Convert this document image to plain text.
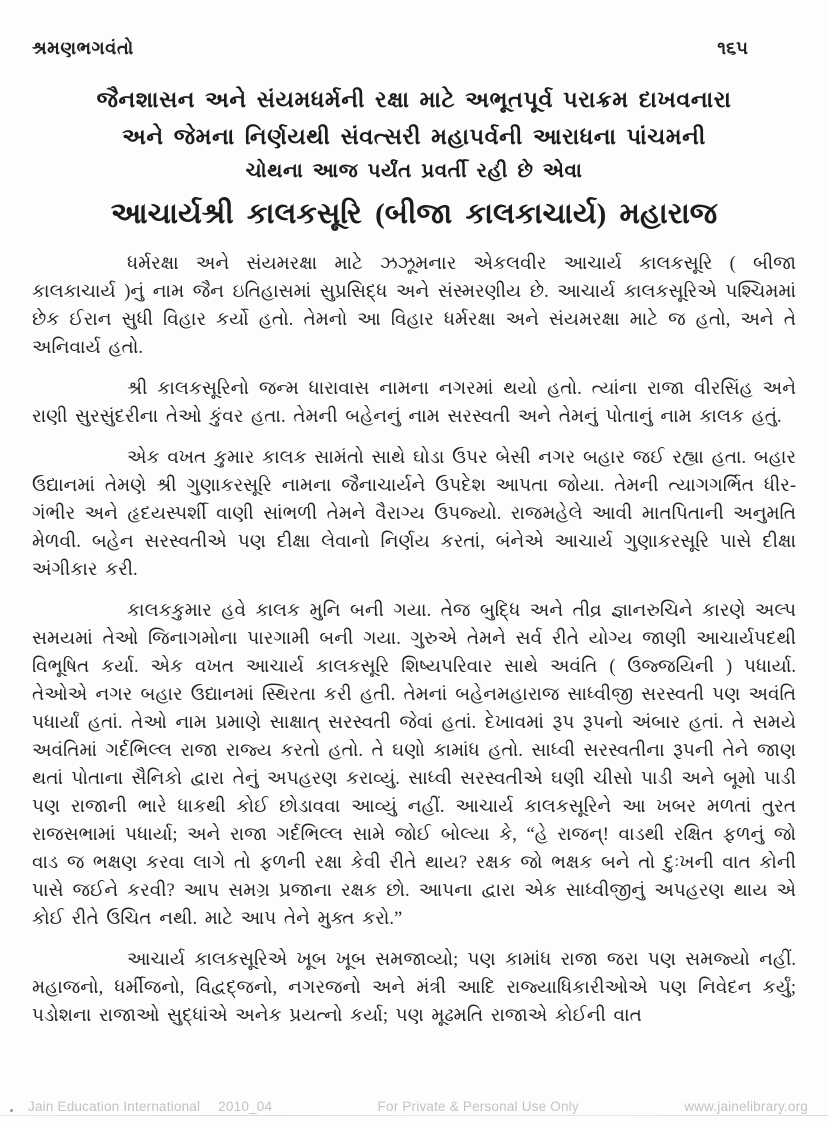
શ્રમણભગવંતો	૧૬૫
જૈનશાસન અને સંયમધર્મની રક્ષા માટે અભૂતપૂર્વ પરાક્રમ દાખવનારા
અને જેમના નિર્ણયથી સંવત્સરી મહાપર્વની આરાધના પાંચમની
ચોથના આજ પર્યંત પ્રવર્તી રહી છે એવા
આચાર્યશ્રી કાલકસૂરિ (બીજા કાલકાચાર્ય) મહારાજ

ધર્મરક્ષા અને સંયમરક્ષા માટે ઝઝૂમનાર એકલવીર આચાર્ય કાલકસૂરિ ( બીજા કાલકાચાર્ય )નું નામ જૈન ઇતિહાસમાં સુપ્રસિદ્ધ અને સંસ્મરણીય છે. આચાર્ય કાલકસૂરિએ પશ્ચિમમાં છેક ઈરાન સુધી વિહાર કર્યો હતો. તેમનો આ વિહાર ધર્મરક્ષા અને સંયમરક્ષા માટે જ હતો, અને તે અનિવાર્ય હતો.

શ્રી કાલકસૂરિનો જન્મ ધારાવાસ નામના નગરમાં થયો હતો. ત્યાંના રાજા વીરસિંહ અને રાણી સુરસુંદરીના તેઓ કુંવર હતા. તેમની બહેનનું નામ સરસ્વતી અને તેમનું પોતાનું નામ કાલક હતું.

એક વખત કુમાર કાલક સામંતો સાથે ઘોડા ઉપર બેસી નગર બહાર જઈ રહ્યા હતા. બહાર ઉદ્યાનમાં તેમણે શ્રી ગુણાકરસૂરિ નામના જૈનાચાર્યને ઉપદેશ આપતા જોયા. તેમની ત્યાગગર્ભિત ધીર-ગંભીર અને હૃદયસ્પર્શી વાણી સાંભળી તેમને વૈરાગ્ય ઉપજ્યો. રાજમહેલે આવી માતપિતાની અનુમતિ મેળવી. બહેન સરસ્વતીએ પણ દીક્ષા લેવાનો નિર્ણય કરતાં, બંનેએ આચાર્ય ગુણાકરસૂરિ પાસે દીક્ષા અંગીકાર કરી.

કાલકકુમાર હવે કાલક મુનિ બની ગયા. તેજ બુદ્ધિ અને તીવ્ર જ્ઞાનરુચિને કારણે અલ્પ સમયમાં તેઓ જિનાગમોના પારગામી બની ગયા. ગુરુએ તેમને સર્વ રીતે યોગ્ય જાણી આચાર્યપદથી વિભૂષિત કર્યા. એક વખત આચાર્ય કાલકસૂરિ શિષ્યપરિવાર સાથે અવંતિ ( ઉજ્જયિની ) પધાર્યા. તેઓએ નગર બહાર ઉદ્યાનમાં સ્થિરતા કરી હતી. તેમનાં બહેનમહારાજ સાધ્વીજી સરસ્વતી પણ અવંતિ પધાર્યાં હતાં. તેઓ નામ પ્રમાણે સાક્ષાત્ સરસ્વતી જેવાં હતાં. દેખાવમાં રૂપ રૂપનો અંબાર હતાં. તે સમયે અવંતિમાં ગર્દભિલ્લ રાજા રાજ્ય કરતો હતો. તે ઘણો કામાંધ હતો. સાધ્વી સરસ્વતીના રૂપની તેને જાણ થતાં પોતાના સૈનિકો દ્વારા તેનું અપહરણ કરાવ્યું. સાધ્વી સરસ્વતીએ ઘણી ચીસો પાડી અને બૂમો પાડી પણ રાજાની ભારે ધાકથી કોઈ છોડાવવા આવ્યું નહીં. આચાર્ય કાલકસૂરિને આ ખબર મળતાં તુરત રાજસભામાં પધાર્યા; અને રાજા ગર્દભિલ્લ સામે જોઈ બોલ્યા કે, “હે રાજન્! વાડથી રક્ષિત ફળનું જો વાડ જ ભક્ષણ કરવા લાગે તો ફળની રક્ષા કેવી રીતે થાય? રક્ષક જો ભક્ષક બને તો દુઃખની વાત કોની પાસે જઈને કરવી? આપ સમગ્ર પ્રજાના રક્ષક છો. આપના દ્વારા એક સાધ્વીજીનું અપહરણ થાય એ કોઈ રીતે ઉચિત નથી. માટે આપ તેને મુક્ત કરો.”

આચાર્ય કાલકસૂરિએ ખૂબ ખૂબ સમજાવ્યો; પણ કામાંધ રાજા જરા પણ સમજ્યો નહીં. મહાજનો, ધર્મીજનો, વિદ્વદ્જનો, નગરજનો અને મંત્રી આદિ રાજ્યાધિકારીઓએ પણ નિવેદન કર્યું; પડોશના રાજાઓ સુદ્ધાંએ અનેક પ્રયત્નો કર્યા; પણ મૂઢમતિ રાજાએ કોઈની વાત

Jain Education International 2010_04	For Private & Personal Use Only	www.jainelibrary.org
